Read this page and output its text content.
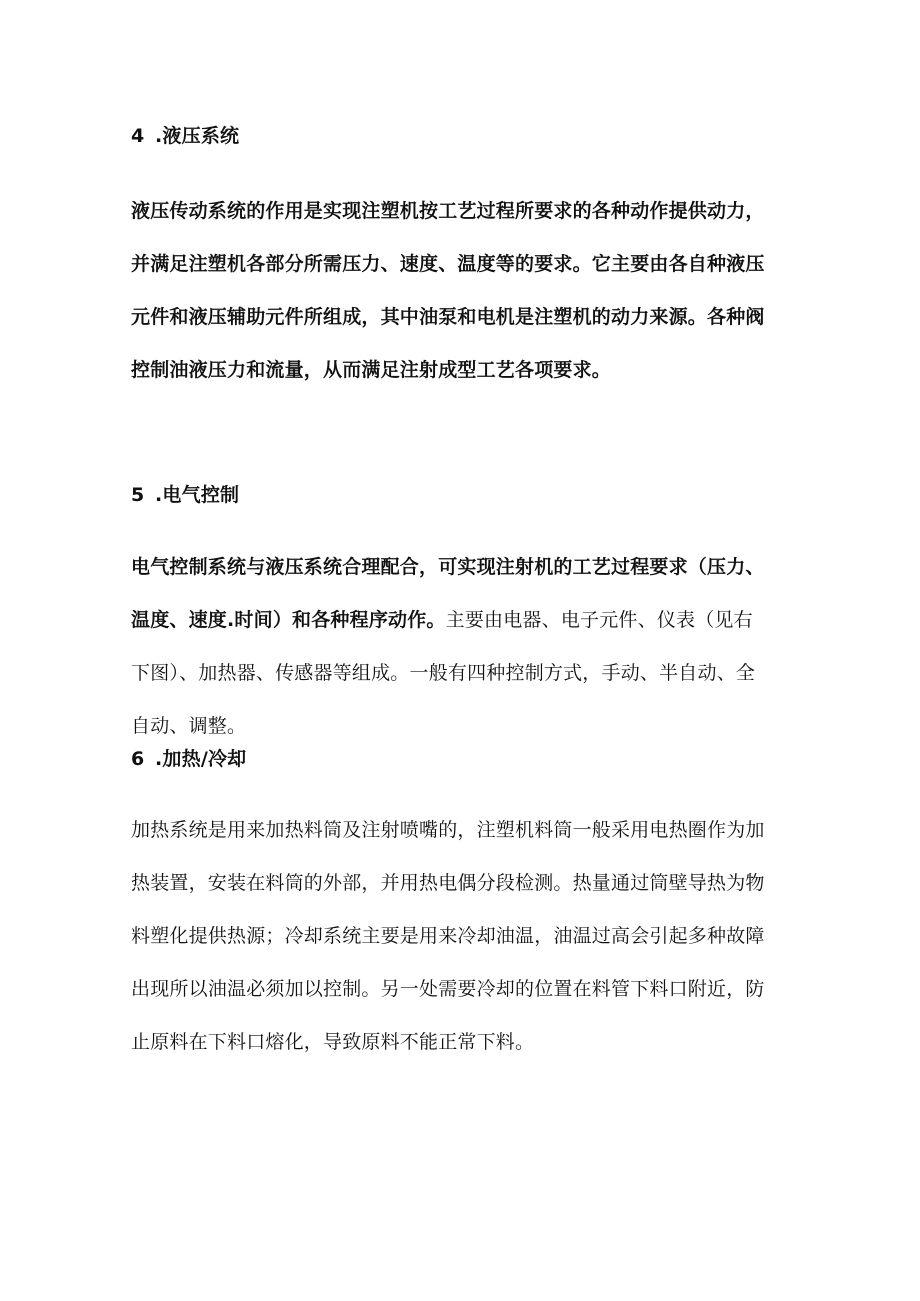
4 .液压系统
液压传动系统的作用是实现注塑机按工艺过程所要求的各种动作提供动力，
并满足注塑机各部分所需压力、速度、温度等的要求。它主要由各自种液压
元件和液压辅助元件所组成，其中油泵和电机是注塑机的动力来源。各种阀
控制油液压力和流量，从而满足注射成型工艺各项要求。
5 .电气控制
电气控制系统与液压系统合理配合，可实现注射机的工艺过程要求（压力、
温度、速度.时间）和各种程序动作。主要由电器、电子元件、仪表（见右
下图）、加热器、传感器等组成。一般有四种控制方式，手动、半自动、全
自动、调整。
6 .加热/冷却
加热系统是用来加热料筒及注射喷嘴的，注塑机料筒一般采用电热圈作为加
热装置，安装在料筒的外部，并用热电偶分段检测。热量通过筒壁导热为物
料塑化提供热源；冷却系统主要是用来冷却油温，油温过高会引起多种故障
出现所以油温必须加以控制。另一处需要冷却的位置在料管下料口附近，防
止原料在下料口熔化，导致原料不能正常下料。
